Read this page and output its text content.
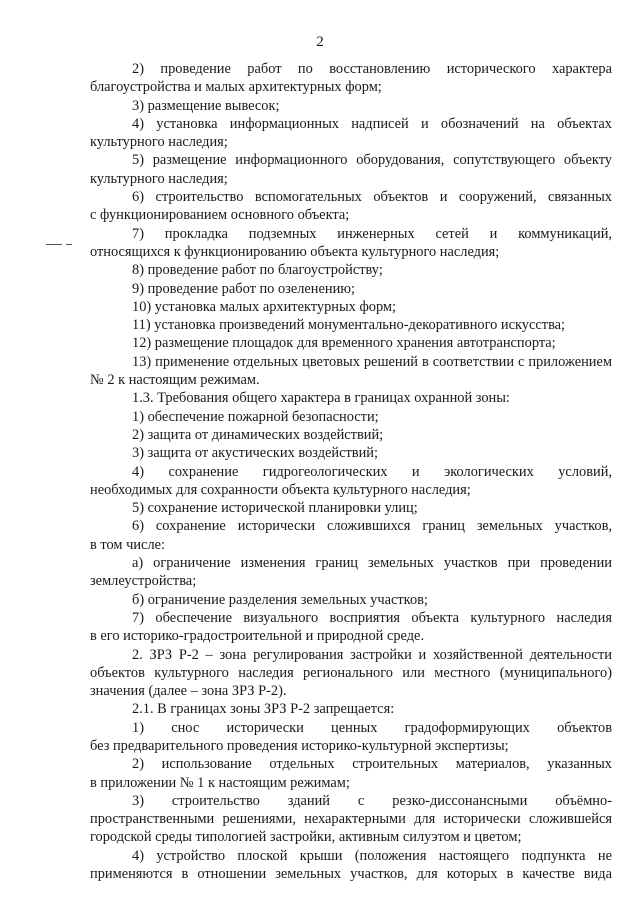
2
2) проведение работ по восстановлению исторического характера
благоустройства и малых архитектурных форм;
3) размещение вывесок;
4) установка информационных надписей и обозначений на объектах
культурного наследия;
5) размещение информационного оборудования, сопутствующего объекту
культурного наследия;
6) строительство вспомогательных объектов и сооружений, связанных
с функционированием основного объекта;
7) прокладка подземных инженерных сетей и коммуникаций,
относящихся к функционированию объекта культурного наследия;
8) проведение работ по благоустройству;
9) проведение работ по озеленению;
10) установка малых архитектурных форм;
11) установка произведений монументально-декоративного искусства;
12) размещение площадок для временного хранения автотранспорта;
13) применение отдельных цветовых решений в соответствии с приложением
№ 2 к настоящим режимам.
1.3. Требования общего характера в границах охранной зоны:
1) обеспечение пожарной безопасности;
2) защита от динамических воздействий;
3) защита от акустических воздействий;
4) сохранение гидрогеологических и экологических условий,
необходимых для сохранности объекта культурного наследия;
5) сохранение исторической планировки улиц;
6) сохранение исторически сложившихся границ земельных участков,
в том числе:
а) ограничение изменения границ земельных участков при проведении
землеустройства;
б) ограничение разделения земельных участков;
7) обеспечение визуального восприятия объекта культурного наследия
в его историко-градостроительной и природной среде.
2. ЗРЗ Р-2 – зона регулирования застройки и хозяйственной деятельности
объектов культурного наследия регионального или местного (муниципального)
значения (далее – зона ЗРЗ Р-2).
2.1. В границах зоны ЗРЗ Р-2 запрещается:
1) снос исторически ценных градоформирующих объектов
без предварительного проведения историко-культурной экспертизы;
2) использование отдельных строительных материалов, указанных
в приложении № 1 к настоящим режимам;
3) строительство зданий с резко-диссонансными объёмно-
пространственными решениями, нехарактерными для исторически сложившейся
городской среды типологией застройки, активным силуэтом и цветом;
4) устройство плоской крыши (положения настоящего подпункта не
применяются в отношении земельных участков, для которых в качестве вида
